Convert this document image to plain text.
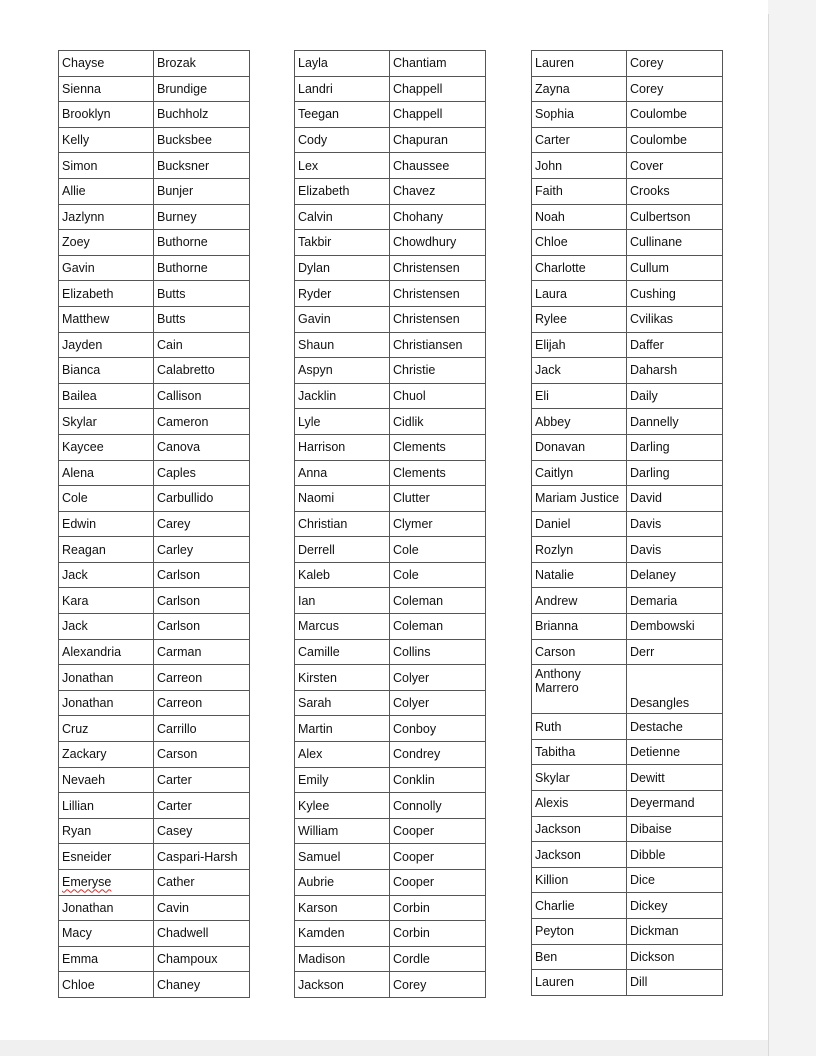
Chayse	Brozak
Sienna	Brundige
Brooklyn	Buchholz
Kelly	Bucksbee
Simon	Bucksner
Allie	Bunjer
Jazlynn	Burney
Zoey	Buthorne
Gavin	Buthorne
Elizabeth	Butts
Matthew	Butts
Jayden	Cain
Bianca	Calabretto
Bailea	Callison
Skylar	Cameron
Kaycee	Canova
Alena	Caples
Cole	Carbullido
Edwin	Carey
Reagan	Carley
Jack	Carlson
Kara	Carlson
Jack	Carlson
Alexandria	Carman
Jonathan	Carreon
Jonathan	Carreon
Cruz	Carrillo
Zackary	Carson
Nevaeh	Carter
Lillian	Carter
Ryan	Casey
Esneider	Caspari-Harsh
Emeryse	Cather
Jonathan	Cavin
Macy	Chadwell
Emma	Champoux
Chloe	Chaney
Layla	Chantiam
Landri	Chappell
Teegan	Chappell
Cody	Chapuran
Lex	Chaussee
Elizabeth	Chavez
Calvin	Chohany
Takbir	Chowdhury
Dylan	Christensen
Ryder	Christensen
Gavin	Christensen
Shaun	Christiansen
Aspyn	Christie
Jacklin	Chuol
Lyle	Cidlik
Harrison	Clements
Anna	Clements
Naomi	Clutter
Christian	Clymer
Derrell	Cole
Kaleb	Cole
Ian	Coleman
Marcus	Coleman
Camille	Collins
Kirsten	Colyer
Sarah	Colyer
Martin	Conboy
Alex	Condrey
Emily	Conklin
Kylee	Connolly
William	Cooper
Samuel	Cooper
Aubrie	Cooper
Karson	Corbin
Kamden	Corbin
Madison	Cordle
Jackson	Corey
Lauren	Corey
Zayna	Corey
Sophia	Coulombe
Carter	Coulombe
John	Cover
Faith	Crooks
Noah	Culbertson
Chloe	Cullinane
Charlotte	Cullum
Laura	Cushing
Rylee	Cvilikas
Elijah	Daffer
Jack	Daharsh
Eli	Daily
Abbey	Dannelly
Donavan	Darling
Caitlyn	Darling
Mariam Justice	David
Daniel	Davis
Rozlyn	Davis
Natalie	Delaney
Andrew	Demaria
Brianna	Dembowski
Carson	Derr
Anthony Marrero	Desangles
Ruth	Destache
Tabitha	Detienne
Skylar	Dewitt
Alexis	Deyermand
Jackson	Dibaise
Jackson	Dibble
Killion	Dice
Charlie	Dickey
Peyton	Dickman
Ben	Dickson
Lauren	Dill
